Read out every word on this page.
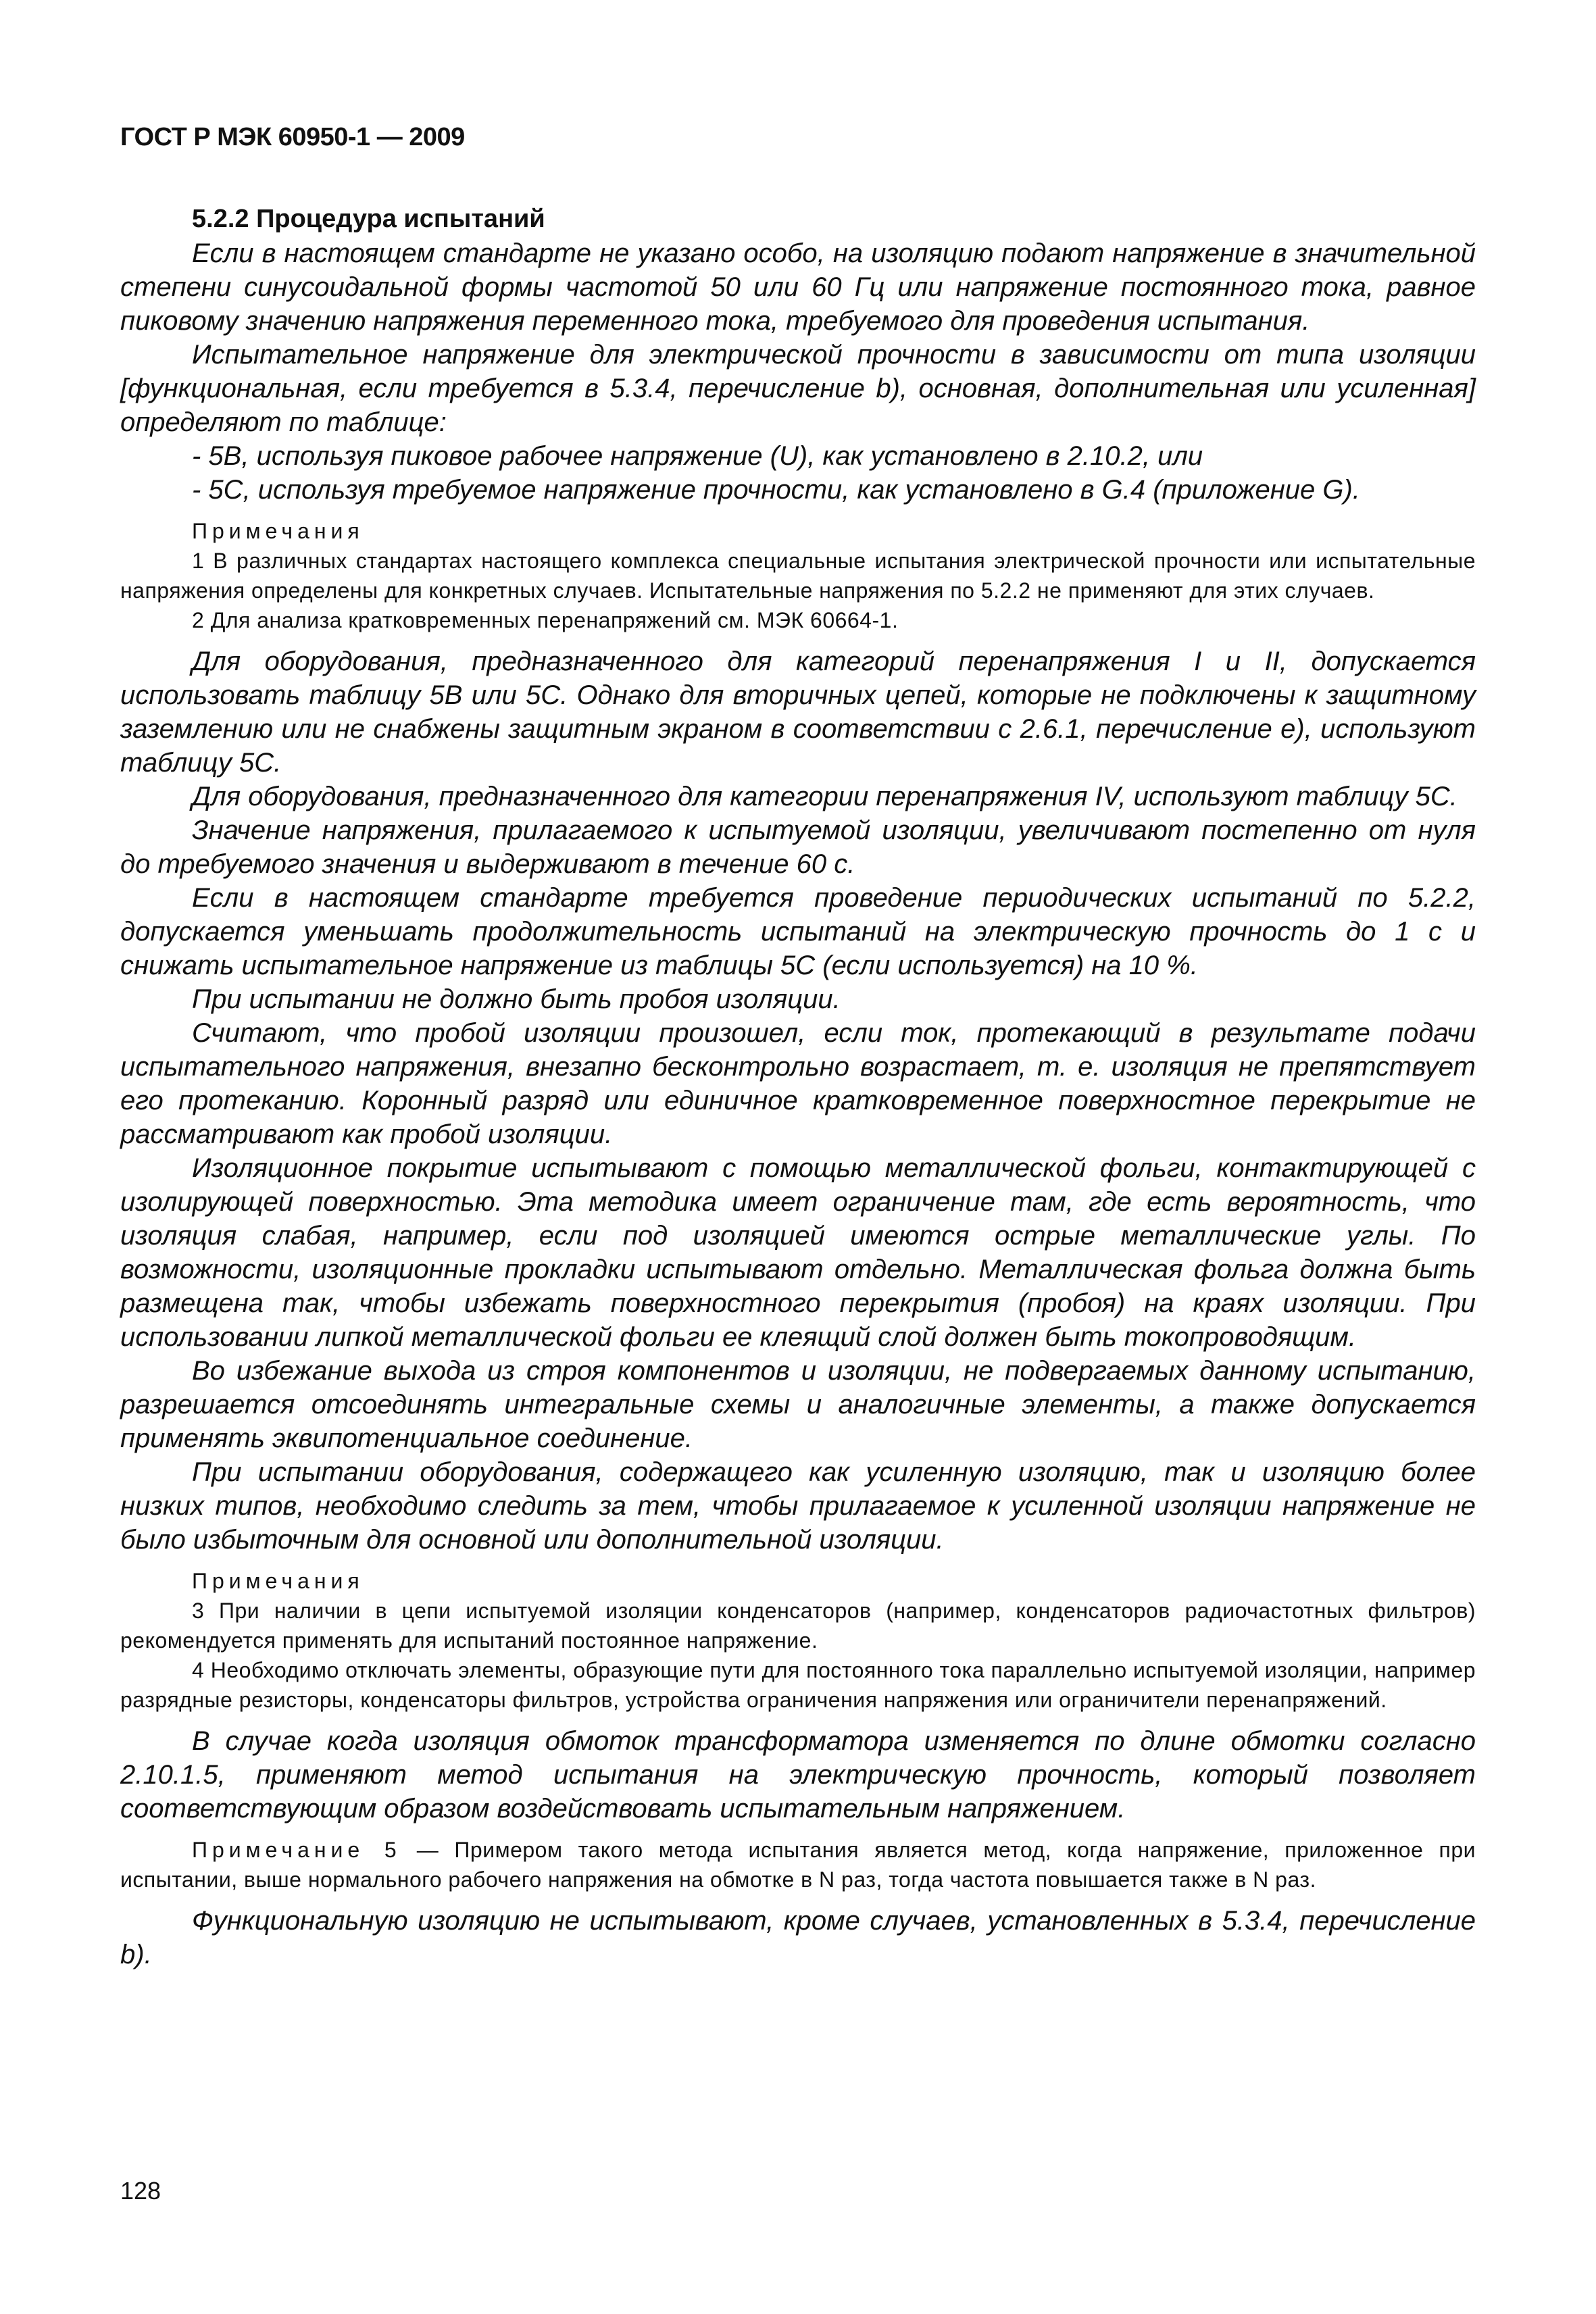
ГОСТ Р МЭК 60950-1 — 2009

5.2.2 Процедура испытаний

Если в настоящем стандарте не указано особо, на изоляцию подают напряжение в значительной степени синусоидальной формы частотой 50 или 60 Гц или напряжение постоянного тока, равное пиковому значению напряжения переменного тока, требуемого для проведения испытания.

Испытательное напряжение для электрической прочности в зависимости от типа изоляции [функциональная, если требуется в 5.3.4, перечисление b), основная, дополнительная или усиленная] определяют по таблице:

- 5В, используя пиковое рабочее напряжение (U), как установлено в 2.10.2, или

- 5С, используя требуемое напряжение прочности, как установлено в G.4 (приложение G).

Примечания

1 В различных стандартах настоящего комплекса специальные испытания электрической прочности или испытательные напряжения определены для конкретных случаев. Испытательные напряжения по 5.2.2 не применяют для этих случаев.

2 Для анализа кратковременных перенапряжений см. МЭК 60664-1.

Для оборудования, предназначенного для категорий перенапряжения I и II, допускается использовать таблицу 5В или 5С. Однако для вторичных цепей, которые не подключены к защитному заземлению или не снабжены защитным экраном в соответствии с 2.6.1, перечисление е), используют таблицу 5С.

Для оборудования, предназначенного для категории перенапряжения IV, используют таблицу 5С.

Значение напряжения, прилагаемого к испытуемой изоляции, увеличивают постепенно от нуля до требуемого значения и выдерживают в течение 60 с.

Если в настоящем стандарте требуется проведение периодических испытаний по 5.2.2, допускается уменьшать продолжительность испытаний на электрическую прочность до 1 с и снижать испытательное напряжение из таблицы 5С (если используется) на 10 %.

При испытании не должно быть пробоя изоляции.

Считают, что пробой изоляции произошел, если ток, протекающий в результате подачи испытательного напряжения, внезапно бесконтрольно возрастает, т. е. изоляция не препятствует его протеканию. Коронный разряд или единичное кратковременное поверхностное перекрытие не рассматривают как пробой изоляции.

Изоляционное покрытие испытывают с помощью металлической фольги, контактирующей с изолирующей поверхностью. Эта методика имеет ограничение там, где есть вероятность, что изоляция слабая, например, если под изоляцией имеются острые металлические углы. По возможности, изоляционные прокладки испытывают отдельно. Металлическая фольга должна быть размещена так, чтобы избежать поверхностного перекрытия (пробоя) на краях изоляции. При использовании липкой металлической фольги ее клеящий слой должен быть токопроводящим.

Во избежание выхода из строя компонентов и изоляции, не подвергаемых данному испытанию, разрешается отсоединять интегральные схемы и аналогичные элементы, а также допускается применять эквипотенциальное соединение.

При испытании оборудования, содержащего как усиленную изоляцию, так и изоляцию более низких типов, необходимо следить за тем, чтобы прилагаемое к усиленной изоляции напряжение не было избыточным для основной или дополнительной изоляции.

Примечания

3 При наличии в цепи испытуемой изоляции конденсаторов (например, конденсаторов радиочастотных фильтров) рекомендуется применять для испытаний постоянное напряжение.

4 Необходимо отключать элементы, образующие пути для постоянного тока параллельно испытуемой изоляции, например разрядные резисторы, конденсаторы фильтров, устройства ограничения напряжения или ограничители перенапряжений.

В случае когда изоляция обмоток трансформатора изменяется по длине обмотки согласно 2.10.1.5, применяют метод испытания на электрическую прочность, который позволяет соответствующим образом воздействовать испытательным напряжением.

Примечание 5 — Примером такого метода испытания является метод, когда напряжение, приложенное при испытании, выше нормального рабочего напряжения на обмотке в N раз, тогда частота повышается также в N раз.

Функциональную изоляцию не испытывают, кроме случаев, установленных в 5.3.4, перечисление b).

128
